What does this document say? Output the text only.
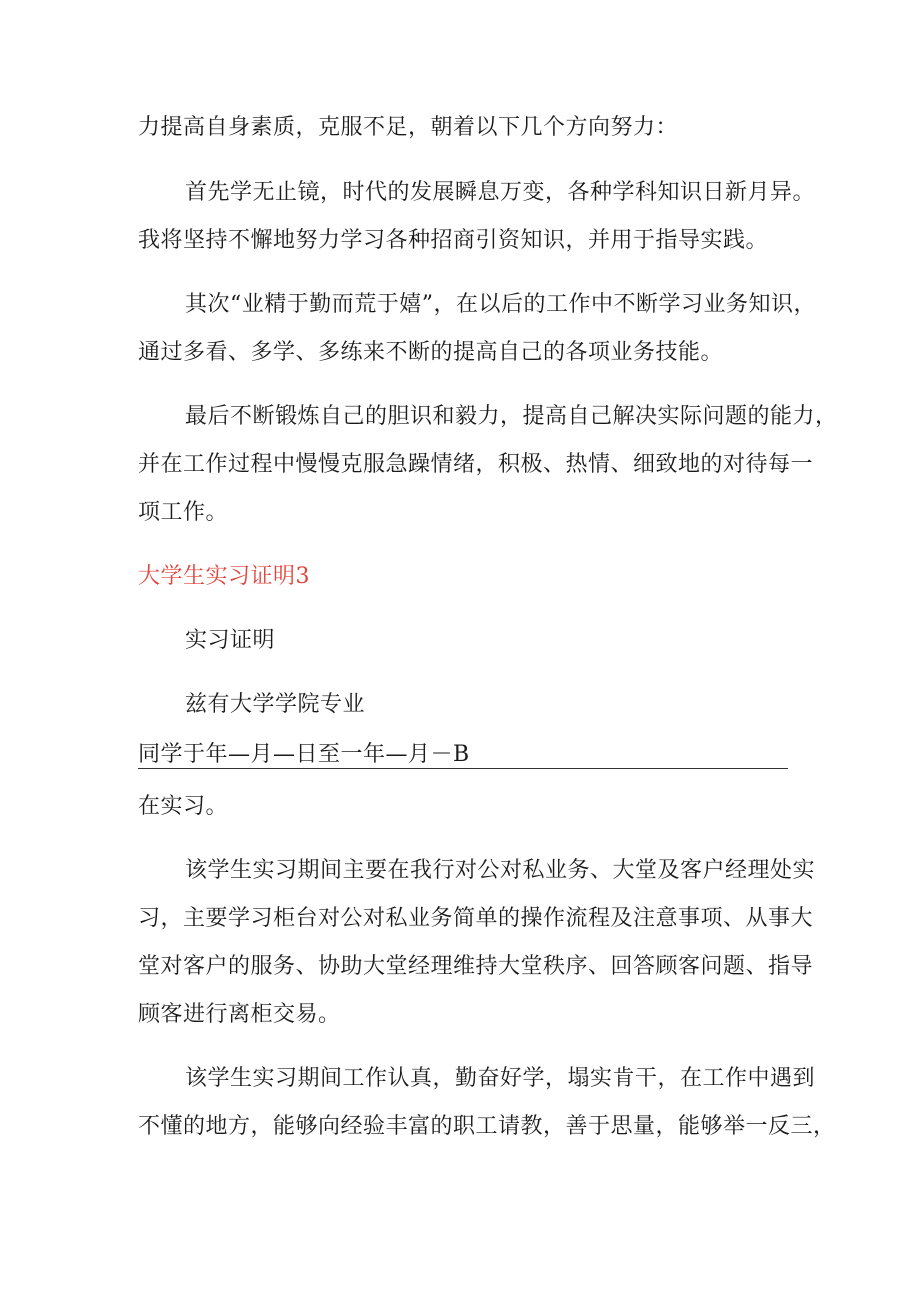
力提高自身素质，克服不足，朝着以下几个方向努力：
首先学无止镜，时代的发展瞬息万变，各种学科知识日新月异。
我将坚持不懈地努力学习各种招商引资知识，并用于指导实践。
其次“业精于勤而荒于嬉”，在以后的工作中不断学习业务知识，
通过多看、多学、多练来不断的提高自己的各项业务技能。
最后不断锻炼自己的胆识和毅力，提高自己解决实际问题的能力，
并在工作过程中慢慢克服急躁情绪，积极、热情、细致地的对待每一
项工作。
大学生实习证明3
实习证明
兹有大学学院专业
同学于年—月—日至一年—月－B
在实习。
该学生实习期间主要在我行对公对私业务、大堂及客户经理处实
习，主要学习柜台对公对私业务简单的操作流程及注意事项、从事大
堂对客户的服务、协助大堂经理维持大堂秩序、回答顾客问题、指导
顾客进行离柜交易。
该学生实习期间工作认真，勤奋好学，塌实肯干，在工作中遇到
不懂的地方，能够向经验丰富的职工请教，善于思量，能够举一反三，
